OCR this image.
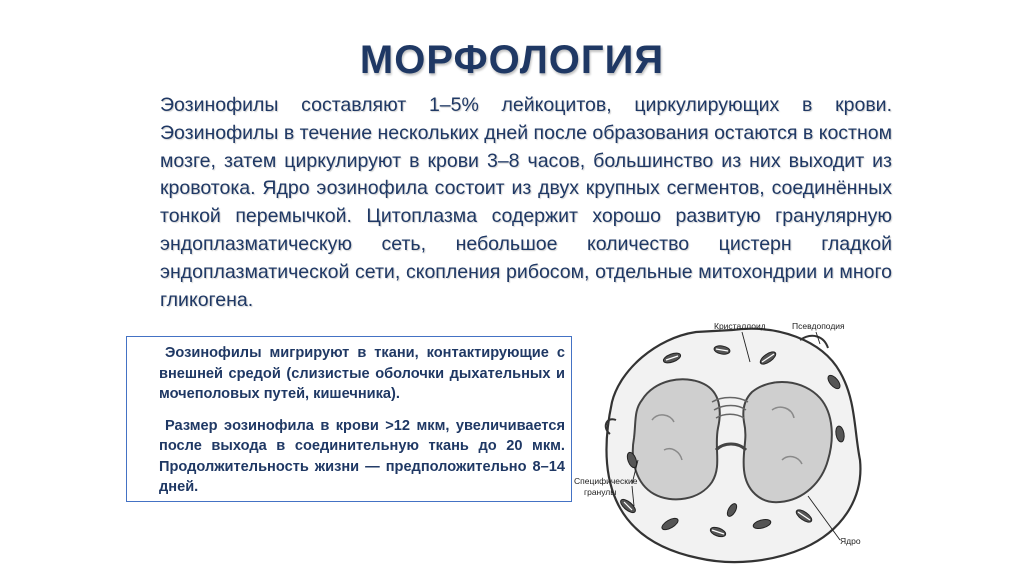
МОРФОЛОГИЯ
Эозинофилы составляют 1–5% лейкоцитов, циркулирующих в крови. Эозинофилы в течение нескольких дней после образования остаются в костном мозге, затем циркулируют в крови 3–8 часов, большинство из них выходит из кровотока. Ядро эозинофила состоит из двух крупных сегментов, соединённых тонкой перемычкой. Цитоплазма содержит хорошо развитую гранулярную эндоплазматическую сеть, небольшое количество цистерн гладкой эндоплазматической сети, скопления рибосом, отдельные митохондрии и много гликогена.

Эозинофилы мигрируют в ткани, контактирующие с внешней средой (слизистые оболочки дыхательных и мочеполовых путей, кишечника).

Размер эозинофила в крови >12 мкм, увеличивается после выхода в соединительную ткань до 20 мкм. Продолжительность жизни — предположительно 8–14 дней.

Кристаллоид	Псевдоподия
Специфические
гранулы
Ядро
